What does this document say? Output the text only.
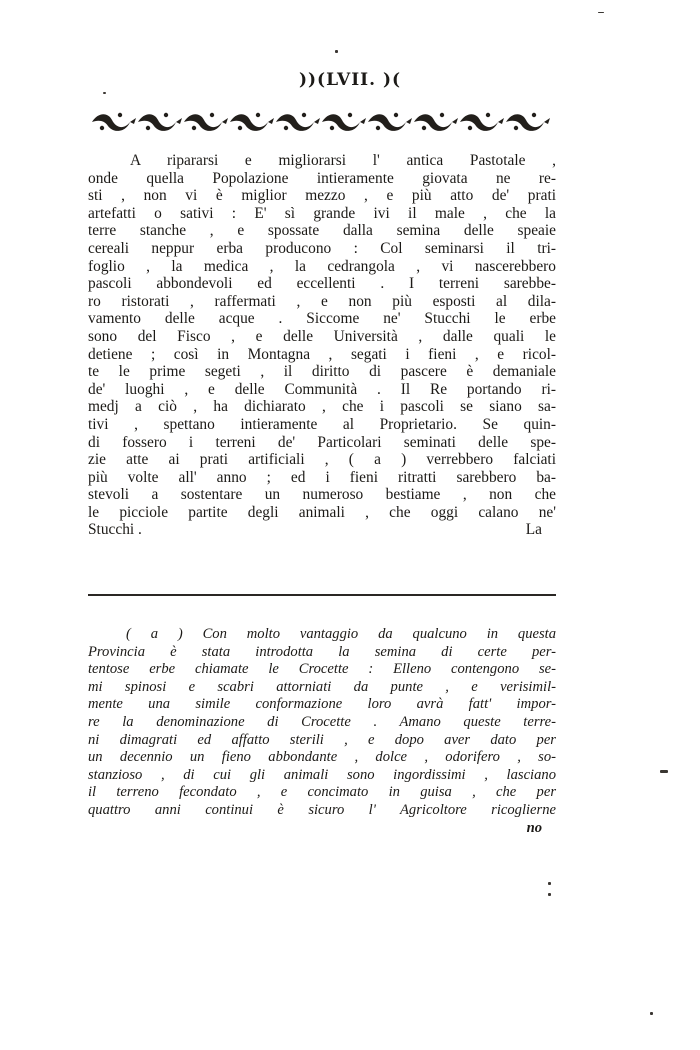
))(LVII. )(
A ripararsi e migliorarsi l' antica Pastotale ,
onde quella Popolazione intieramente giovata ne re-
sti , non vi è miglior mezzo , e più atto de' prati
artefatti o sativi : E' sì grande ivi il male , che la
terre stanche , e spossate dalla semina delle speaie
cereali neppur erba producono : Col seminarsi il tri-
foglio , la medica , la cedrangola , vi nascerebbero
pascoli abbondevoli ed eccellenti . I terreni sarebbe-
ro ristorati , raffermati , e non più esposti al dila-
vamento delle acque . Siccome ne' Stucchi le erbe
sono del Fisco , e delle Università , dalle quali le
detiene ; così in Montagna , segati i fieni , e ricol-
te le prime segeti , il diritto di pascere è demaniale
de' luoghi , e delle Communità . Il Re portando ri-
medj a ciò , ha dichiarato , che i pascoli se siano sa-
tivi , spettano intieramente al Proprietario. Se quin-
di fossero i terreni de' Particolari seminati delle spe-
zie atte ai prati artificiali , ( a ) verrebbero falciati
più volte all' anno ; ed i fieni ritratti sarebbero ba-
stevoli a sostentare un numeroso bestiame , non che
le picciole partite degli animali , che oggi calano ne'
Stucchi .	La
( a ) Con molto vantaggio da qualcuno in questa
Provincia è stata introdotta la semina di certe per-
tentose erbe chiamate le Crocette : Elleno contengono se-
mi spinosi e scabri attorniati da punte , e verisimil-
mente una simile conformazione loro avrà fatt' impor-
re la denominazione di Crocette . Amano queste terre-
ni dimagrati ed affatto sterili , e dopo aver dato per
un decennio un fieno abbondante , dolce , odorifero , so-
stanzioso , di cui gli animali sono ingordissimi , lasciano
il terreno fecondato , e concimato in guisa , che per
quattro anni continui è sicuro l' Agricoltore ricoglierne
no
